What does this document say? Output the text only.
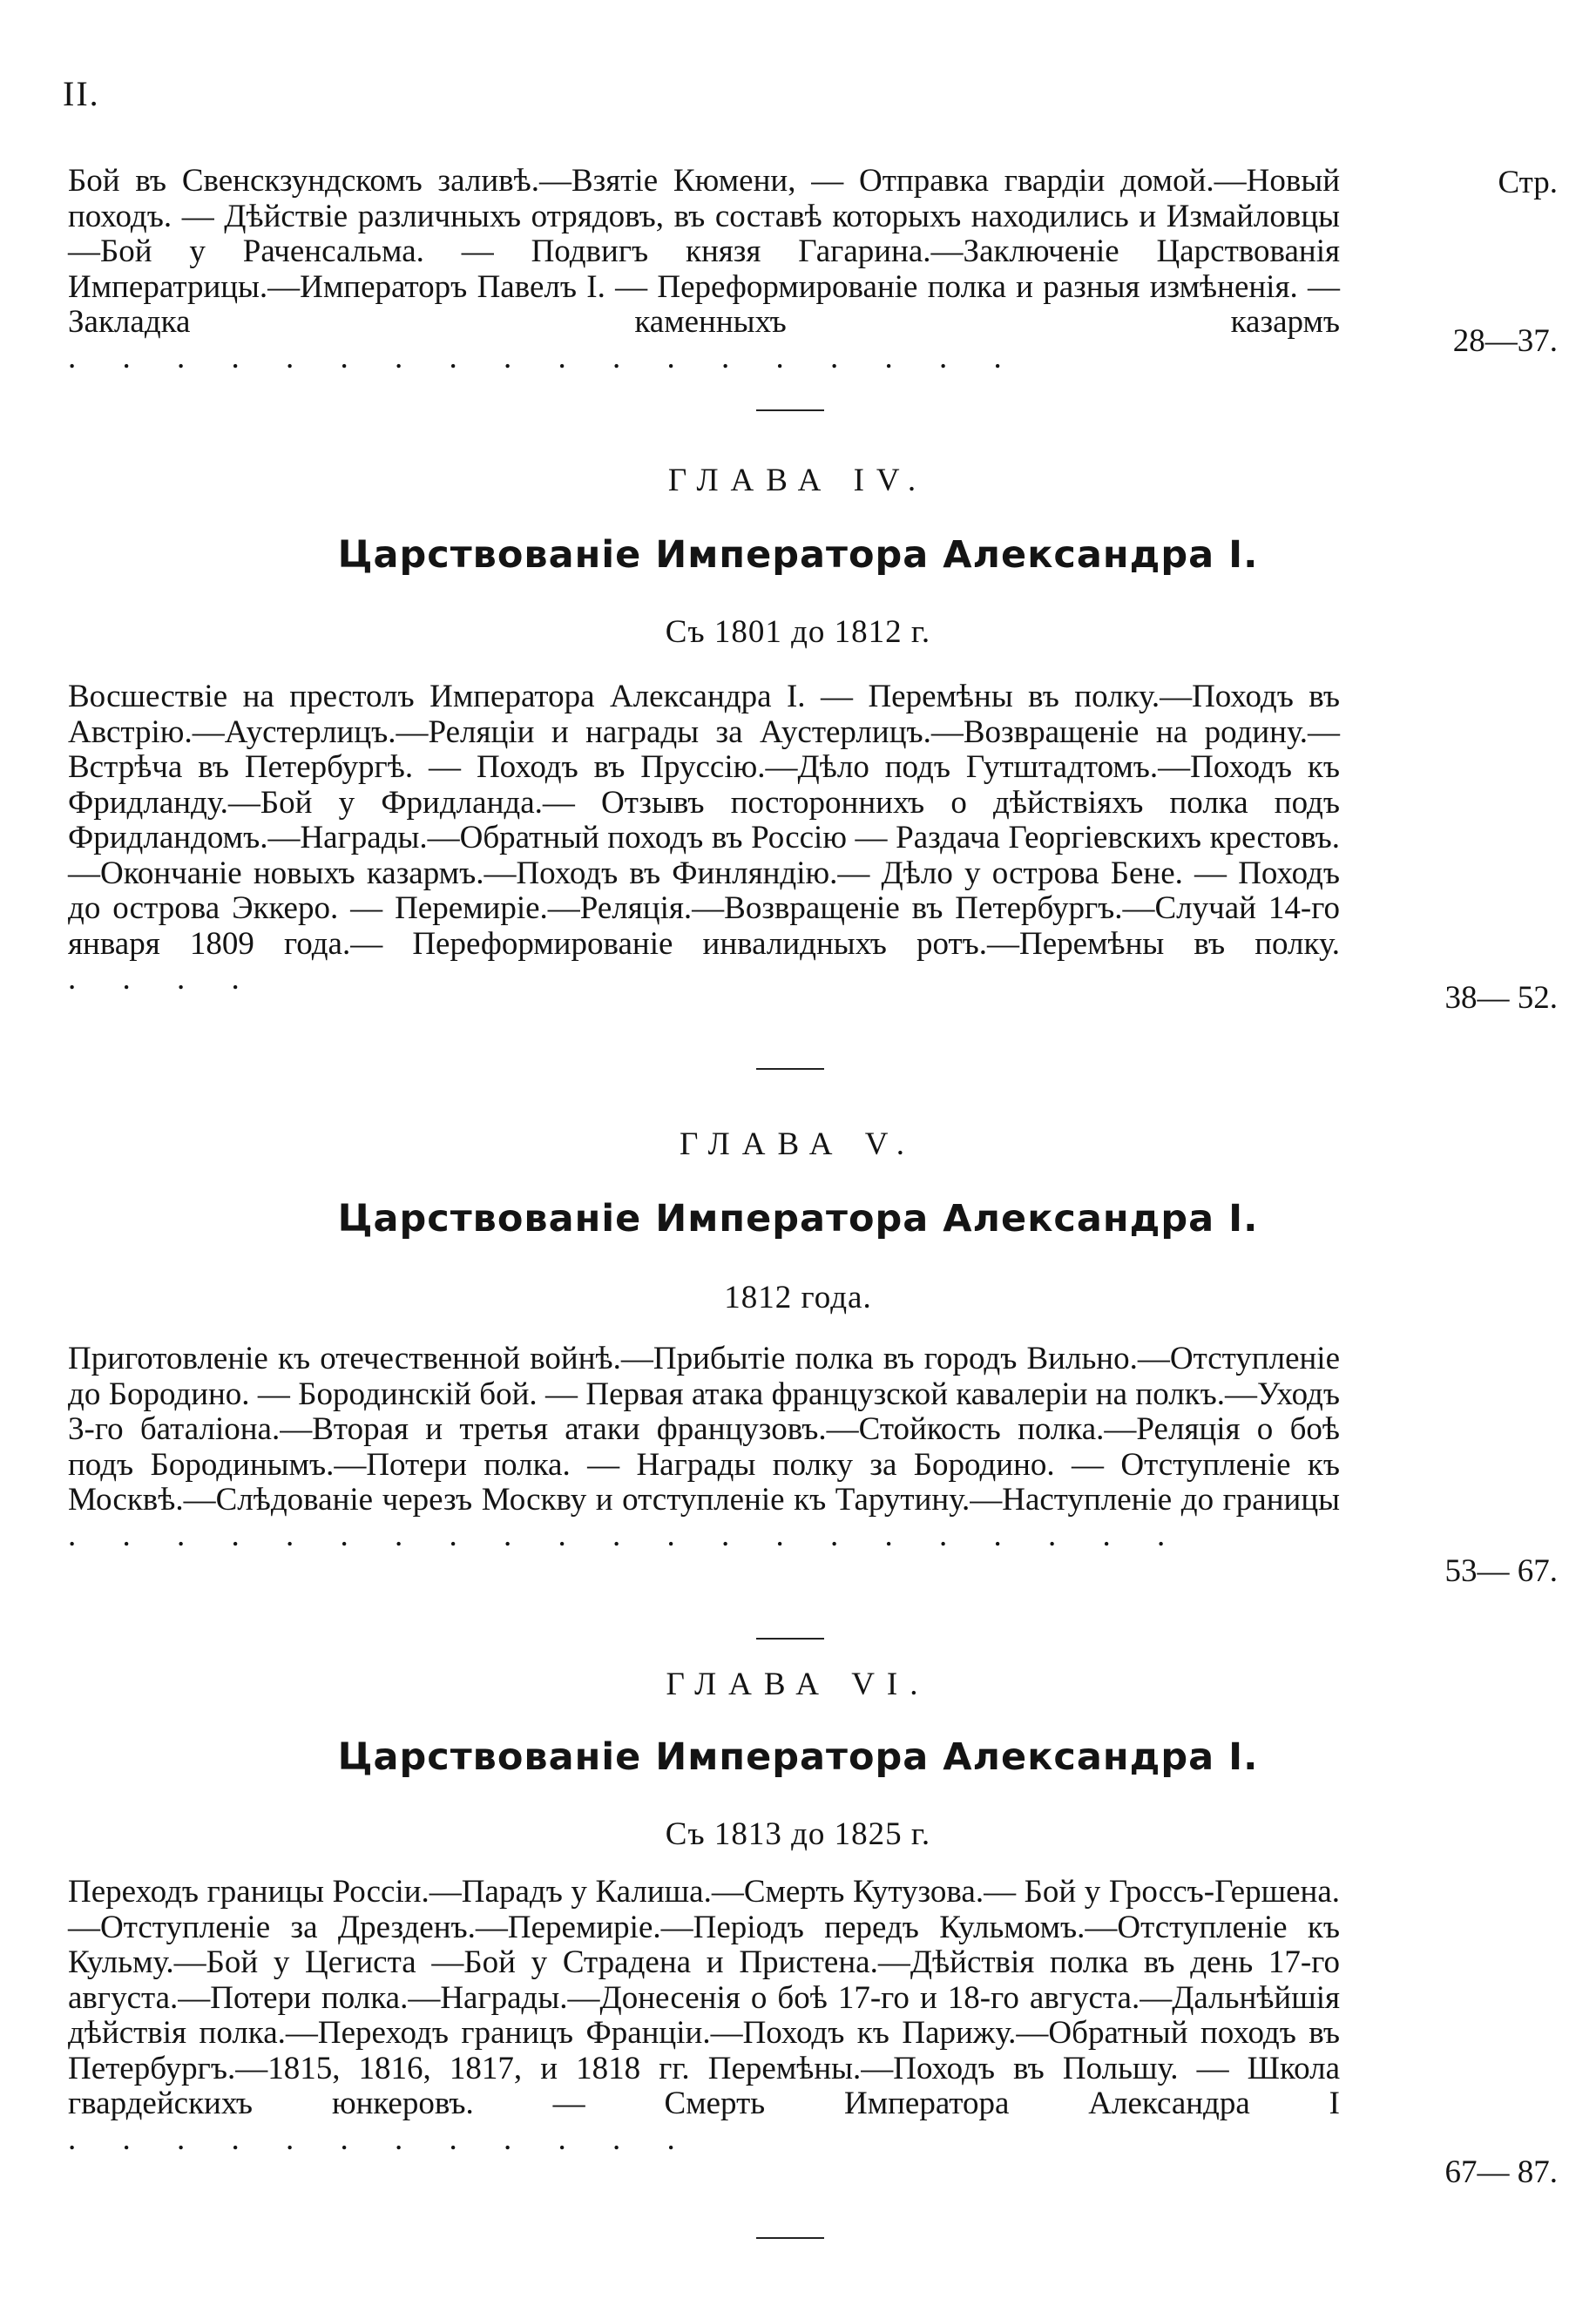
II.
Стр.

Бой въ Свенскзундскомъ заливѣ.—Взятіе Кюмени, — Отправка гвардіи домой.—Новый походъ. — Дѣйствіе различныхъ отрядовъ, въ составѣ которыхъ находились и Измайловцы —Бой у Раченсальма. — Подвигъ князя Гагарина.—Заключеніе Царствованія Императрицы.—Императоръ Павелъ I. — Переформированіе полка и разныя измѣненія. —Закладка каменныхъ казармъ . . . . . . . . . . . . . . . . . .	28—37.
ГЛАВА IV.
Царствованіе Императора Александра I.
Съ 1801 до 1812 г.

Восшествіе на престолъ Императора Александра I. — Перемѣны въ полку.—Походъ въ Австрію.—Аустерлицъ.—Реляціи и награды за Аустерлицъ.—Возвращеніе на родину.—Встрѣча въ Петербургѣ. — Походъ въ Пруссію.—Дѣло подъ Гутштадтомъ.—Походъ къ Фридланду.—Бой у Фридланда.— Отзывъ постороннихъ о дѣйствіяхъ полка подъ Фридландомъ.—Награды.—Обратный походъ въ Россію — Раздача Георгіевскихъ крестовъ.—Окончаніе новыхъ казармъ.—Походъ въ Финляндію.— Дѣло у острова Бене. — Походъ до острова Эккеро. — Перемиріе.—Реляція.—Возвращеніе въ Петербургъ.—Случай 14-го января 1809 года.— Переформированіе инвалидныхъ ротъ.—Перемѣны въ полку. . . . .

38— 52.
ГЛАВА V.
Царствованіе Императора Александра I.
1812 года.

Приготовленіе къ отечественной войнѣ.—Прибытіе полка въ городъ Вильно.—Отступленіе до Бородино. — Бородинскій бой. — Первая атака французской кавалеріи на полкъ.—Уходъ 3-го баталіона.—Вторая и третья атаки французовъ.—Стойкость полка.—Реляція о боѣ подъ Бородинымъ.—Потери полка. — Награды полку за Бородино. — Отступленіе къ Москвѣ.—Слѣдованіе черезъ Москву и отступленіе къ Тарутину.—Наступленіе до границы . . . . . . . . . . . . . . . . . . . . .

53— 67.
ГЛАВА VI.
Царствованіе Императора Александра I.
Съ 1813 до 1825 г.

Переходъ границы Россіи.—Парадъ у Калиша.—Смерть Кутузова.— Бой у Гроссъ-Гершена. —Отступленіе за Дрезденъ.—Перемиріе.—Періодъ передъ Кульмомъ.—Отступленіе къ Кульму.—Бой у Цегиста —Бой у Страдена и Пристена.—Дѣйствія полка въ день 17-го августа.—Потери полка.—Награды.—Донесенія о боѣ 17-го и 18-го августа.—Дальнѣйшія дѣйствія полка.—Переходъ границъ Франціи.—Походъ къ Парижу.—Обратный походъ въ Петербургъ.—1815, 1816, 1817, и 1818 гг. Перемѣны.—Походъ въ Польшу. — Школа гвардейскихъ юнкеровъ. — Смерть Императора Александра I . . . . . . . . . . . .

67— 87.
